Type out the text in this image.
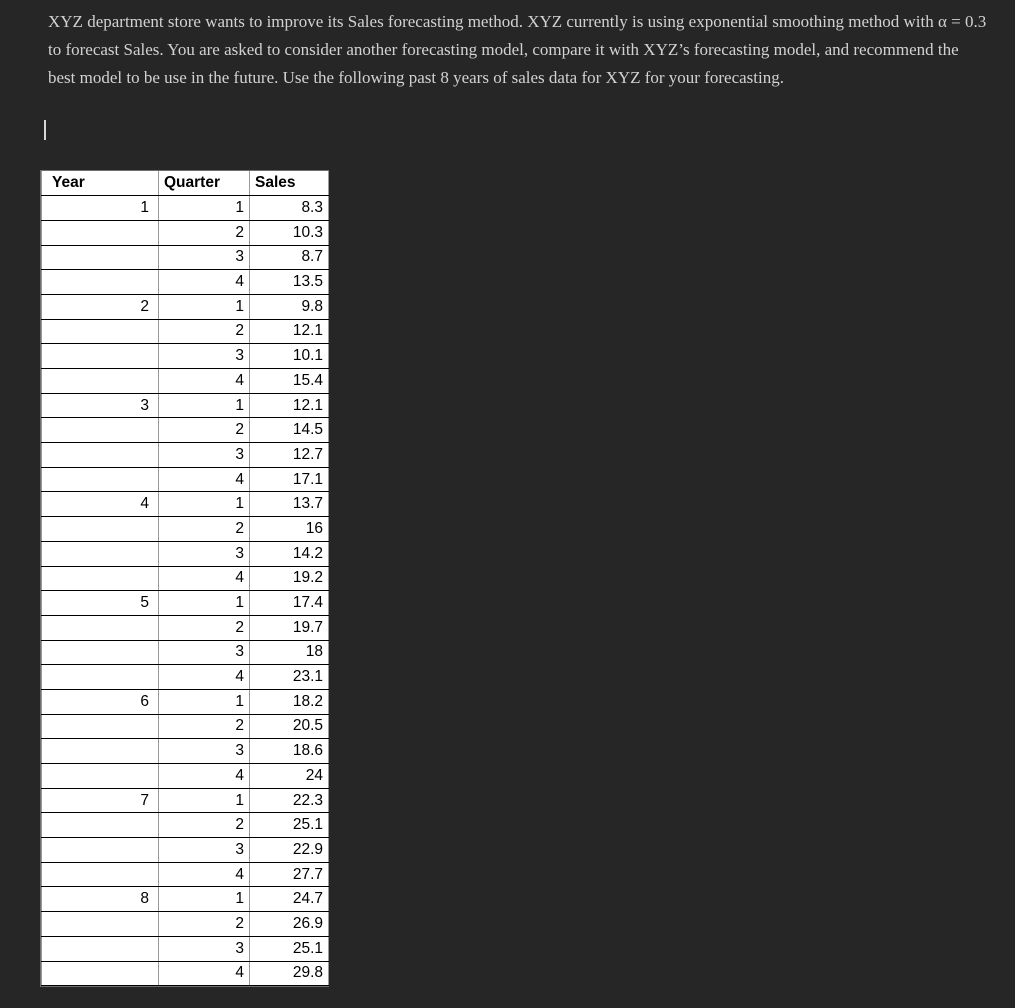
XYZ department store wants to improve its Sales forecasting method. XYZ currently is using exponential smoothing method with α = 0.3 to forecast Sales. You are asked to consider another forecasting model, compare it with XYZ’s forecasting model, and recommend the best model to be use in the future. Use the following past 8 years of sales data for XYZ for your forecasting.

Year	Quarter	Sales
1	1	8.3
	2	10.3
	3	8.7
	4	13.5
2	1	9.8
	2	12.1
	3	10.1
	4	15.4
3	1	12.1
	2	14.5
	3	12.7
	4	17.1
4	1	13.7
	2	16
	3	14.2
	4	19.2
5	1	17.4
	2	19.7
	3	18
	4	23.1
6	1	18.2
	2	20.5
	3	18.6
	4	24
7	1	22.3
	2	25.1
	3	22.9
	4	27.7
8	1	24.7
	2	26.9
	3	25.1
	4	29.8
